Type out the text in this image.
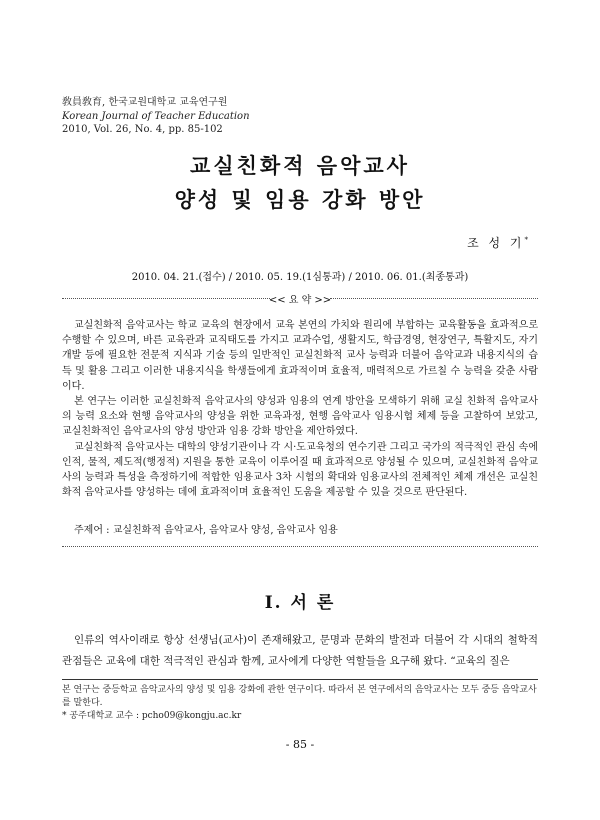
敎員敎育, 한국교원대학교 교육연구원
Korean Journal of Teacher Education
2010, Vol. 26, No. 4, pp. 85-102
교실친화적 음악교사
양성 및 임용 강화 방안
조 성 기*
2010. 04. 21.(접수) / 2010. 05. 19.(1심통과) / 2010. 06. 01.(최종통과)
<< 요 약 >>

교실친화적 음악교사는 학교 교육의 현장에서 교육 본연의 가치와 원리에 부합하는 교육활동을 효과적으로 수행할 수 있으며, 바른 교육관과 교직태도를 가지고 교과수업, 생활지도, 학급경영, 현장연구, 특활지도, 자기개발 등에 필요한 전문적 지식과 기술 등의 일반적인 교실친화적 교사 능력과 더불어 음악교과 내용지식의 습득 및 활용 그리고 이러한 내용지식을 학생들에게 효과적이며 효율적, 매력적으로 가르칠 수 능력을 갖춘 사람이다.

본 연구는 이러한 교실친화적 음악교사의 양성과 임용의 연계 방안을 모색하기 위해 교실 친화적 음악교사의 능력 요소와 현행 음악교사의 양성을 위한 교육과정, 현행 음악교사 임용시험 체제 등을 고찰하여 보았고, 교실친화적인 음악교사의 양성 방안과 임용 강화 방안을 제안하였다.

교실친화적 음악교사는 대학의 양성기관이나 각 시·도교육청의 연수기관 그리고 국가의 적극적인 관심 속에 인적, 물적, 제도적(행정적) 지원을 통한 교육이 이루어질 때 효과적으로 양성될 수 있으며, 교실친화적 음악교사의 능력과 특성을 측정하기에 적합한 임용교사 3차 시험의 확대와 임용교사의 전체적인 체제 개선은 교실친화적 음악교사를 양성하는 데에 효과적이며 효율적인 도움을 제공할 수 있을 것으로 판단된다.

주제어 : 교실친화적 음악교사, 음악교사 양성, 음악교사 임용
Ⅰ. 서 론

인류의 역사이래로 항상 선생님(교사)이 존재해왔고, 문명과 문화의 발전과 더불어 각 시대의 철학적 관점들은 교육에 대한 적극적인 관심과 함께, 교사에게 다양한 역할들을 요구해 왔다. “교육의 질은

본 연구는 중등학교 음악교사의 양성 및 임용 강화에 관한 연구이다. 따라서 본 연구에서의 음악교사는 모두 중등 음악교사를 말한다.

* 공주대학교 교수 : pcho09@kongju.ac.kr

- 85 -
